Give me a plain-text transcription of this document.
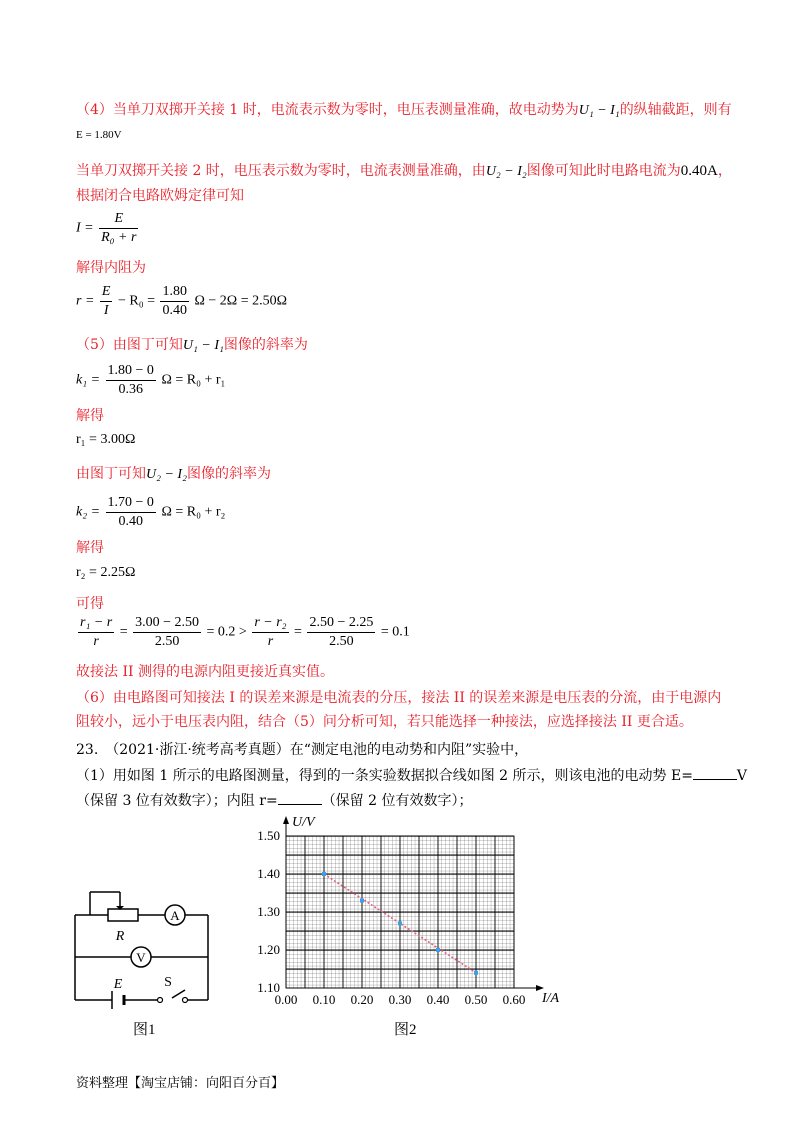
（4）当单刀双掷开关接 1 时，电流表示数为零时，电压表测量准确，故电动势为U₁ − I₁的纵轴截距，则有
E = 1.80V
当单刀双掷开关接 2 时，电压表示数为零时，电流表测量准确，由U₂ − I₂图像可知此时电路电流为0.40A，
根据闭合电路欧姆定律可知
$I = \frac{E}{\text{R₀ + r}}$
解得内阻为
$r = \frac{E}{I} - R_0 = \frac{1.80}{0.40}$ Ω − 2Ω = 2.50Ω
（5）由图丁可知U₁ − I₁图像的斜率为
$k_1 = \frac{1.80 - 0}{0.36}$ Ω = R₀ + r₁
解得
r₁ = 3.00Ω
由图丁可知U₂ − I₂图像的斜率为
$k_2 = \frac{1.70 - 0}{0.40}$ Ω = R₀ + r₂
解得
r₂ = 2.25Ω
可得
$\frac{\text{r₁ − r}}{r} = \frac{3.00 - 2.50}{2.50} = 0.2 > \frac{\text{r − r₂}}{r} = \frac{2.50 - 2.25}{2.50} = 0.1$
故接法 II 测得的电源内阻更接近真实值。
（6）由电路图可知接法 I 的误差来源是电流表的分压，接法 II 的误差来源是电压表的分流，由于电源内
阻较小，远小于电压表内阻，结合（5）问分析可知，若只能选择一种接法，应选择接法 II 更合适。
23.　（2021·浙江·统考高考真题）在“测定电池的电动势和内阻”实验中，
（1）用如图 1 所示的电路图测量，得到的一条实验数据拟合线如图 2 所示，则该电池的电动势 E=	V
（保留 3 位有效数字）；内阻 r=	（保留 2 位有效数字）；
A
V
R
E	S
图1
0.00 0.10 0.20 0.30 0.40 0.50 0.60
1.10
1.20
1.30
1.40
1.50
U/V
I/A
图2
资料整理【淘宝店铺：向阳百分百】
